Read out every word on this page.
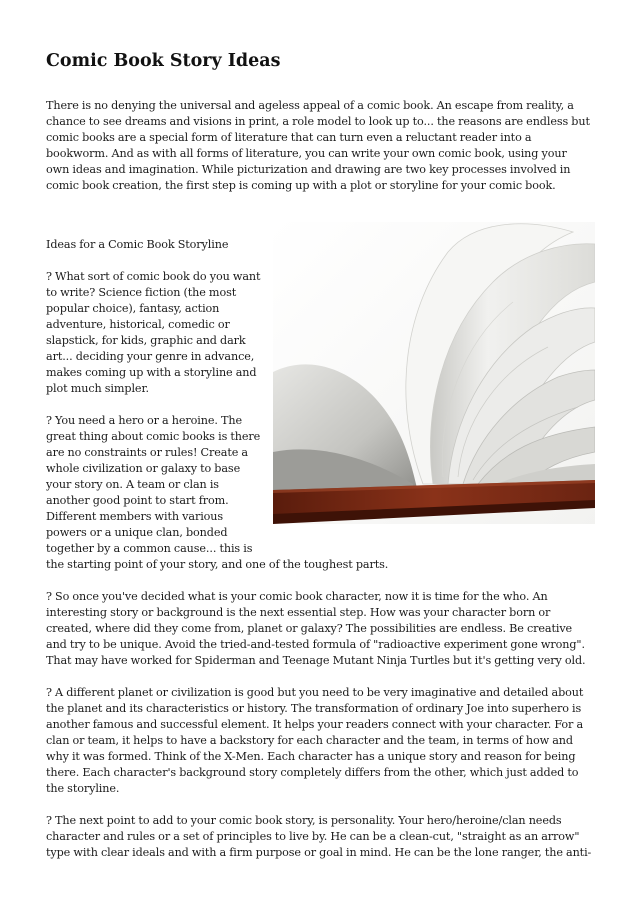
Comic Book Story Ideas

There is no denying the universal and ageless appeal of a comic book. An escape from reality, a chance to see dreams and visions in print, a role model to look up to... the reasons are endless but comic books are a special form of literature that can turn even a reluctant reader into a bookworm. And as with all forms of literature, you can write your own comic book, using your own ideas and imagination. While picturization and drawing are two key processes involved in comic book creation, the first step is coming up with a plot or storyline for your comic book.

Ideas for a Comic Book Storyline

? What sort of comic book do you want to write? Science fiction (the most popular choice), fantasy, action adventure, historical, comedic or slapstick, for kids, graphic and dark art... deciding your genre in advance, makes coming up with a storyline and plot much simpler.

? You need a hero or a heroine. The great thing about comic books is there are no constraints or rules! Create a whole civilization or galaxy to base your story on. A team or clan is another good point to start from. Different members with various powers or a unique clan, bonded together by a common cause... this is the starting point of your story, and one of the toughest parts.

? So once you've decided what is your comic book character, now it is time for the who. An interesting story or background is the next essential step. How was your character born or created, where did they come from, planet or galaxy? The possibilities are endless. Be creative and try to be unique. Avoid the tried-and-tested formula of "radioactive experiment gone wrong". That may have worked for Spiderman and Teenage Mutant Ninja Turtles but it's getting very old.

? A different planet or civilization is good but you need to be very imaginative and detailed about the planet and its characteristics or history. The transformation of ordinary Joe into superhero is another famous and successful element. It helps your readers connect with your character. For a clan or team, it helps to have a backstory for each character and the team, in terms of how and why it was formed. Think of the X-Men. Each character has a unique story and reason for being there. Each character's background story completely differs from the other, which just added to the storyline.

? The next point to add to your comic book story, is personality. Your hero/heroine/clan needs character and rules or a set of principles to live by. He can be a clean-cut, "straight as an arrow" type with clear ideals and with a firm purpose or goal in mind. He can be the lone ranger, the anti-
